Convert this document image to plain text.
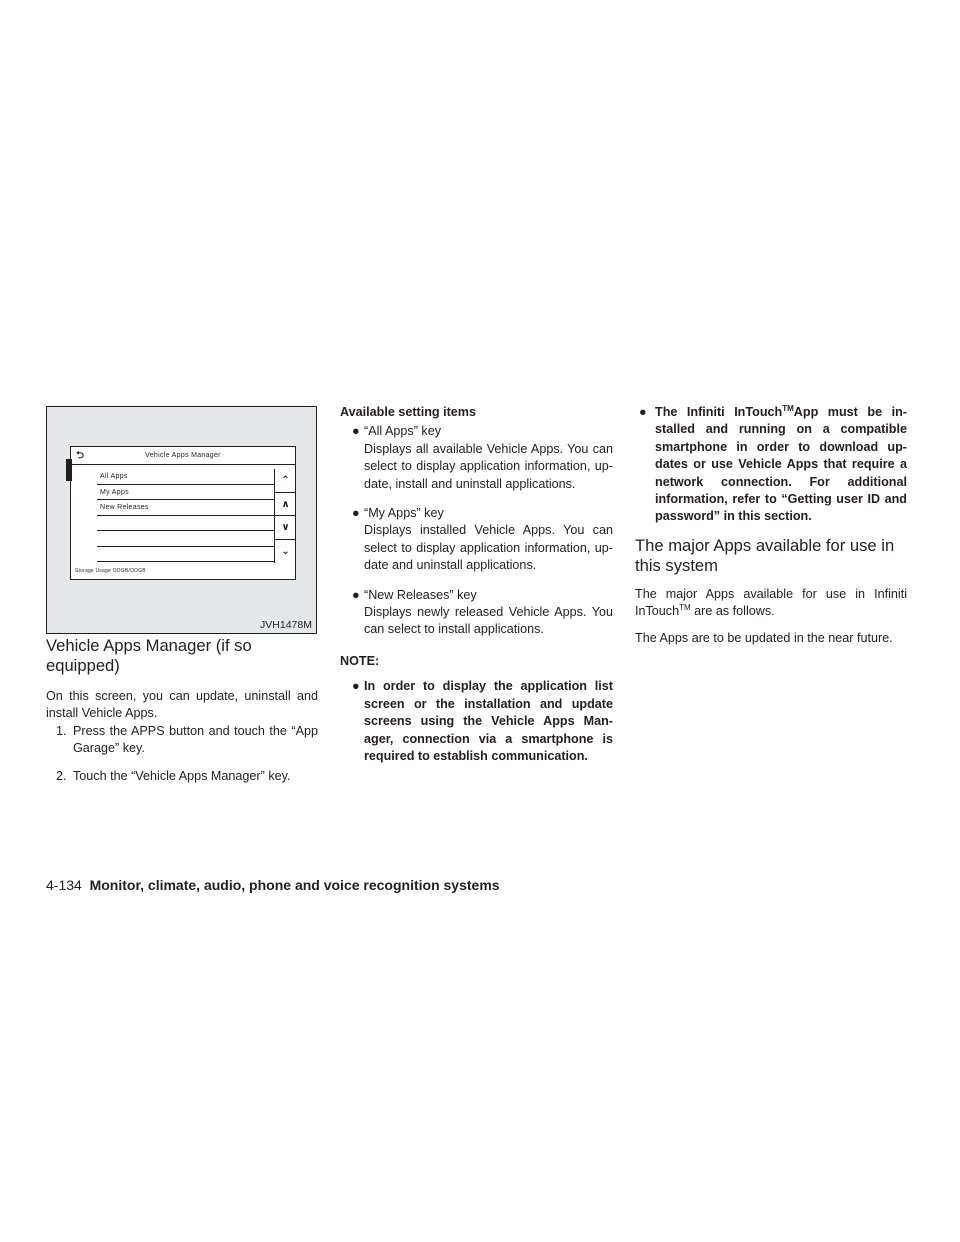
⮌	Vehicle Apps Manager
All Apps
My Apps
New Releases
⌃
∧
∨
⌄
Storage Usage OOGB/OOGB
JVH1478M
Vehicle Apps Manager (if so equipped)

On this screen, you can update, uninstall and install Vehicle Apps.

1. Press the APPS button and touch the “App Garage” key.
2. Touch the “Vehicle Apps Manager” key.

Available setting items

● “All Apps” key

Displays all available Vehicle Apps. You can select to display application information, up-date, install and uninstall applications.

● “My Apps” key

Displays installed Vehicle Apps. You can select to display application information, up-date and uninstall applications.

● “New Releases” key

Displays newly released Vehicle Apps. You can select to install applications.

NOTE:

● In order to display the application list screen or the installation and update screens using the Vehicle Apps Man-ager, connection via a smartphone is required to establish communication.

● The Infiniti InTouch™App must be in-stalled and running on a compatible smartphone in order to download up-dates or use Vehicle Apps that require a network connection. For additional information, refer to “Getting user ID and password” in this section.

The major Apps available for use in this system

The major Apps available for use in Infiniti InTouch™ are as follows.

The Apps are to be updated in the near future.

4-134 Monitor, climate, audio, phone and voice recognition systems
